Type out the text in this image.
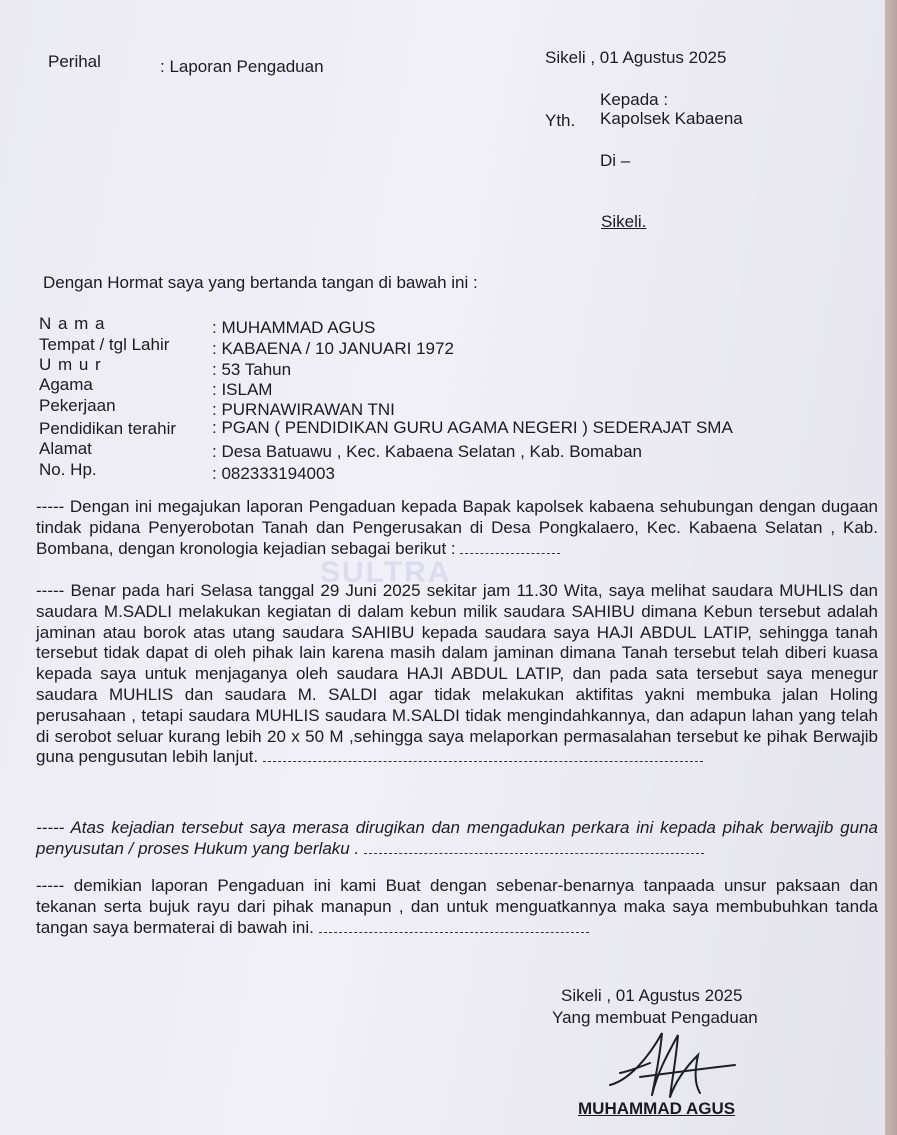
Perihal	: Laporan Pengaduan	Sikeli , 01 Agustus 2025
Kepada :
Yth. Kapolsek Kabaena
Di –
Sikeli.
Dengan Hormat saya yang bertanda tangan di bawah ini :
N a m a	: MUHAMMAD AGUS
Tempat / tgl Lahir	: KABAENA / 10 JANUARI 1972
U m u r	: 53 Tahun
Agama	: ISLAM
Pekerjaan	: PURNAWIRAWAN TNI
Pendidikan terahir : PGAN ( PENDIDIKAN GURU AGAMA NEGERI ) SEDERAJAT SMA
Alamat	: Desa Batuawu , Kec. Kabaena Selatan , Kab. Bomaban
No. Hp.	: 082333194003
SULTRA
----- Dengan ini megajukan laporan Pengaduan kepada Bapak kapolsek kabaena sehubungan dengan dugaan tindak pidana Penyerobotan Tanah dan Pengerusakan di Desa Pongkalaero, Kec. Kabaena Selatan , Kab. Bombana, dengan kronologia kejadian sebagai berikut :
----- Benar pada hari Selasa tanggal 29 Juni 2025 sekitar jam 11.30 Wita, saya melihat saudara MUHLIS dan saudara M.SADLI melakukan kegiatan di dalam kebun milik saudara SAHIBU dimana Kebun tersebut adalah jaminan atau borok atas utang saudara SAHIBU kepada saudara saya HAJI ABDUL LATIP, sehingga tanah tersebut tidak dapat di oleh pihak lain karena masih dalam jaminan dimana Tanah tersebut telah diberi kuasa kepada saya untuk menjaganya oleh saudara HAJI ABDUL LATIP, dan pada sata tersebut saya menegur saudara MUHLIS dan saudara M. SALDI agar tidak melakukan aktifitas yakni membuka jalan Holing perusahaan , tetapi saudara MUHLIS saudara M.SALDI tidak mengindahkannya, dan adapun lahan yang telah di serobot seluar kurang lebih 20 x 50 M ,sehingga saya melaporkan permasalahan tersebut ke pihak Berwajib guna pengusutan lebih lanjut.
----- Atas kejadian tersebut saya merasa dirugikan dan mengadukan perkara ini kepada pihak berwajib guna penyusutan / proses Hukum yang berlaku .
----- demikian laporan Pengaduan ini kami Buat dengan sebenar-benarnya tanpaada unsur paksaan dan tekanan serta bujuk rayu dari pihak manapun , dan untuk menguatkannya maka saya membubuhkan tanda tangan saya bermaterai di bawah ini.
Sikeli , 01 Agustus 2025
Yang membuat Pengaduan
MUHAMMAD AGUS
